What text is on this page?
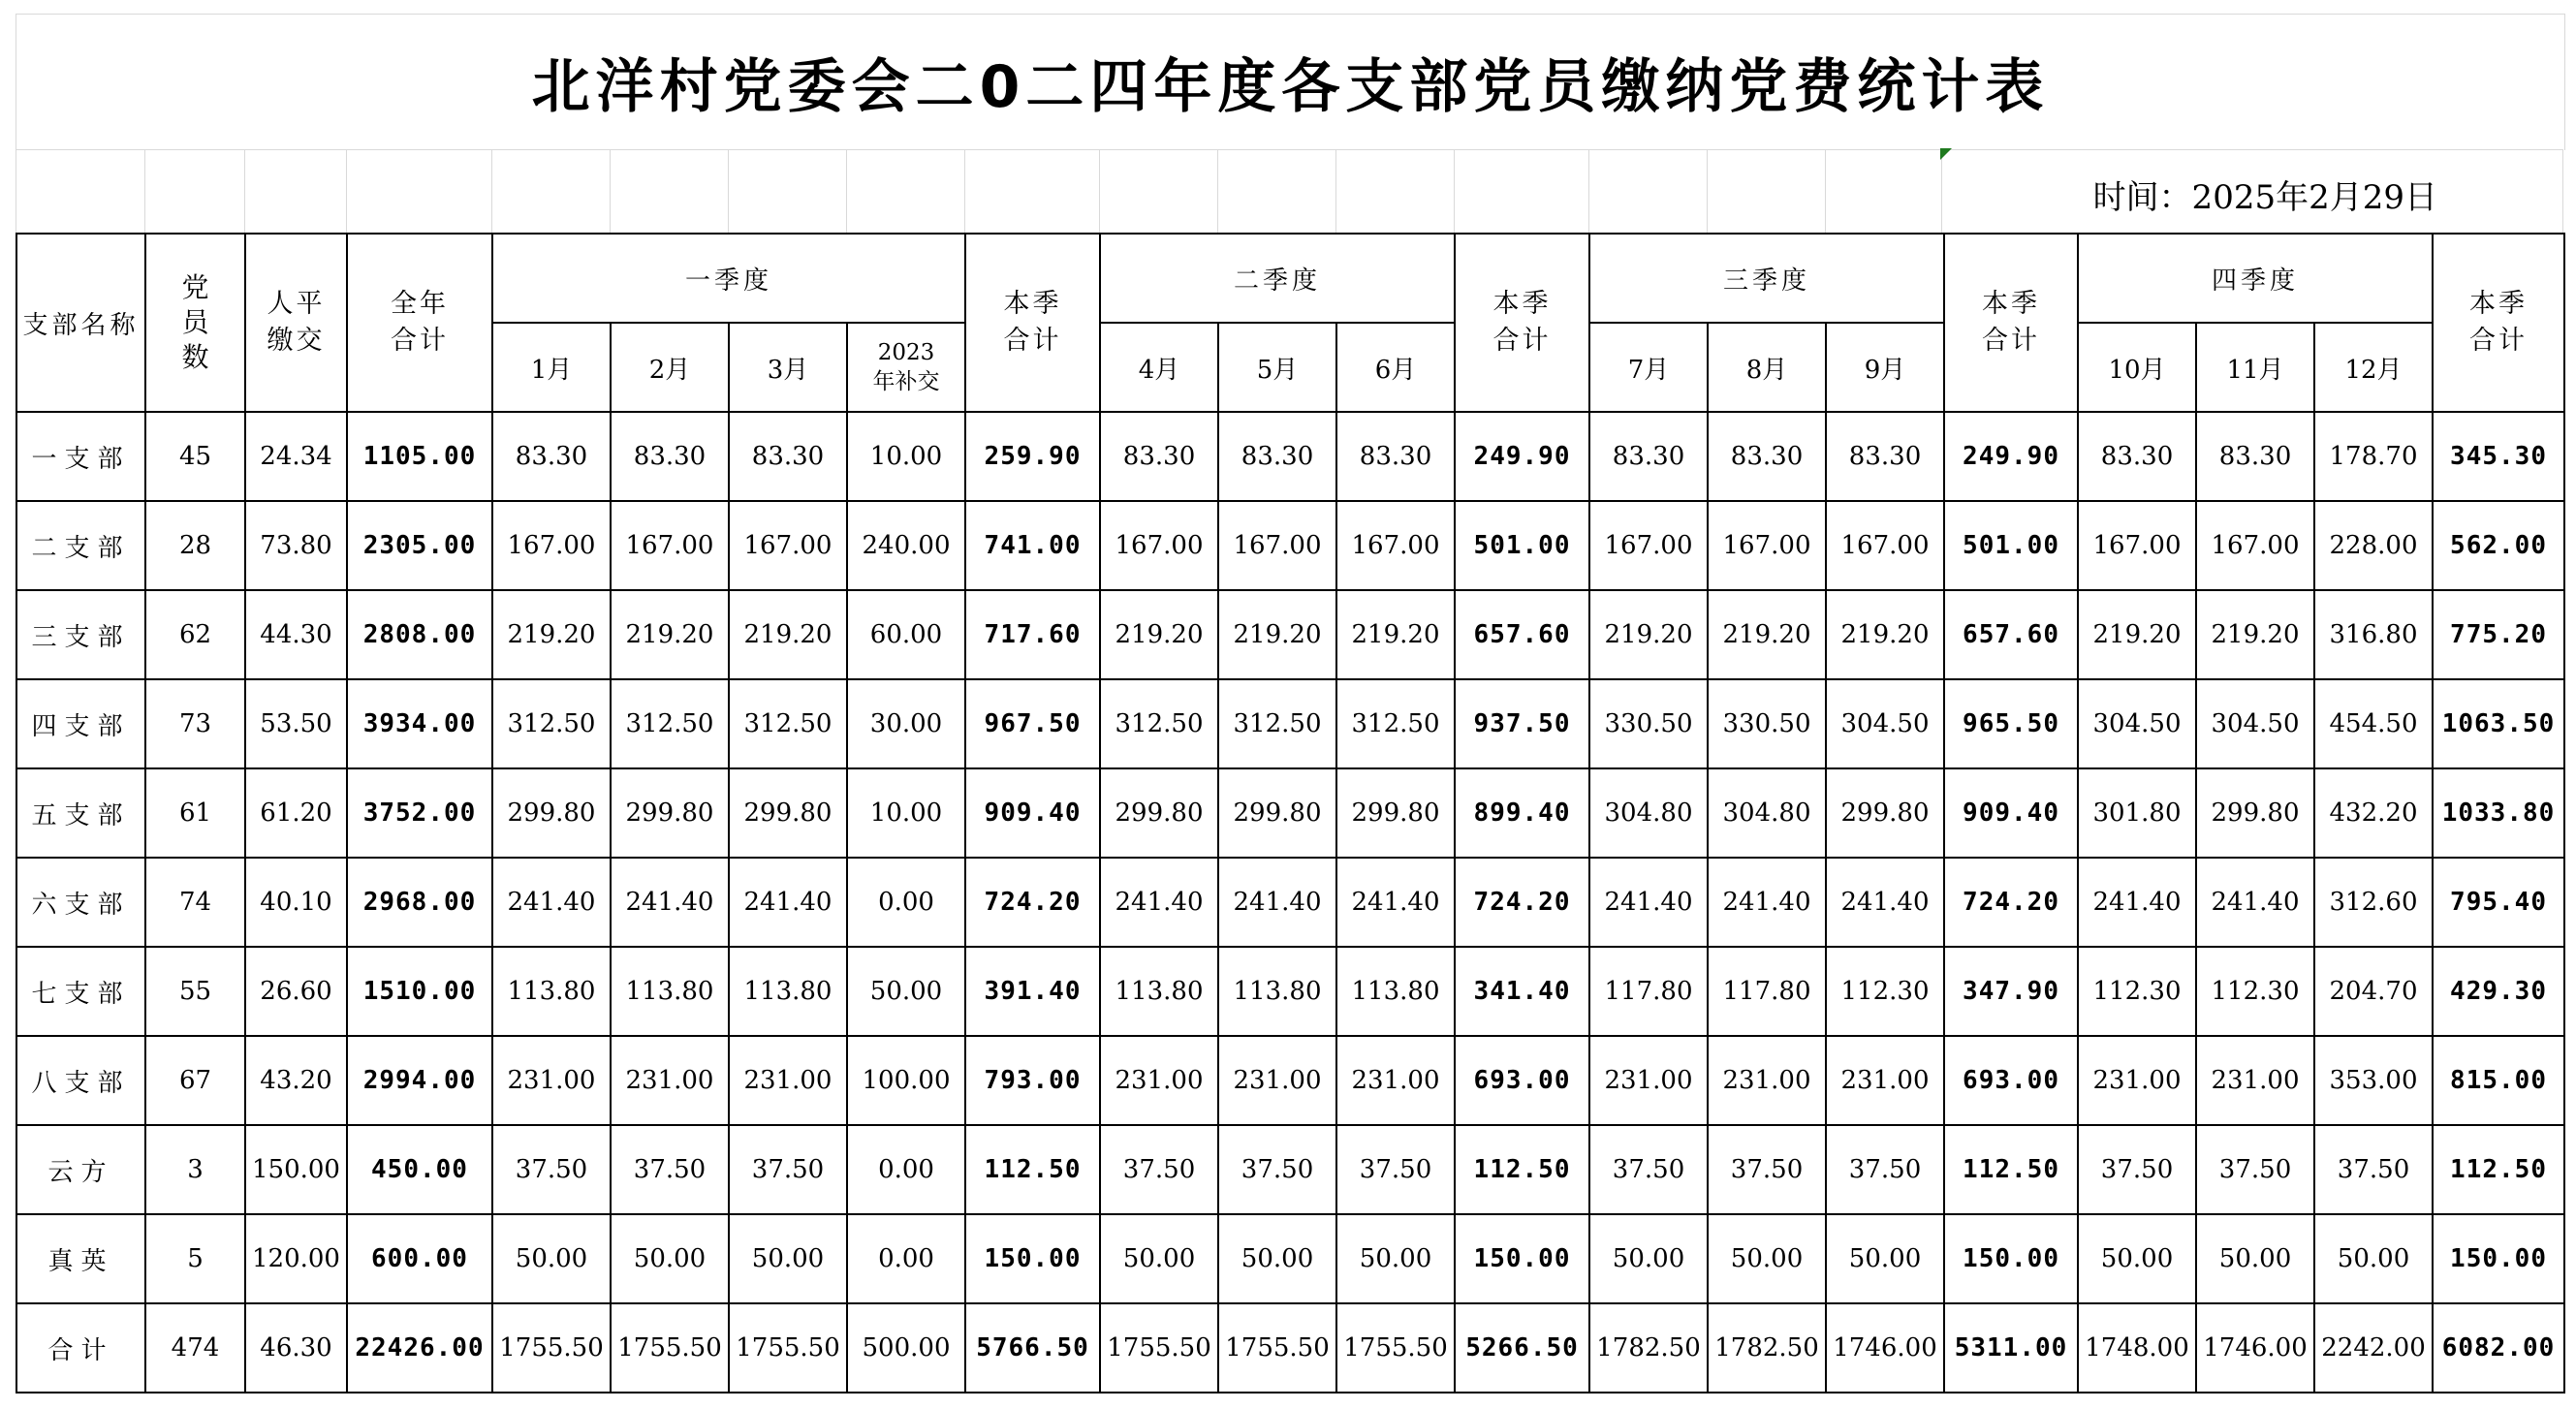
北洋村党委会二0二四年度各支部党员缴纳党费统计表
时间：2025年2月29日
支部名称	党员数	人平缴交	全年合计	一季度				本季合计	二季度			本季合计	三季度			本季合计	四季度			本季合计

				1月	2月	3月	2023年补交		4月	5月	6月		7月	8月	9月		10月	11月	12月	
一支部	45	24.34	1105.00	83.30	83.30	83.30	10.00	259.90	83.30	83.30	83.30	249.90	83.30	83.30	83.30	249.90	83.30	83.30	178.70	345.30
二支部	28	73.80	2305.00	167.00	167.00	167.00	240.00	741.00	167.00	167.00	167.00	501.00	167.00	167.00	167.00	501.00	167.00	167.00	228.00	562.00
三支部	62	44.30	2808.00	219.20	219.20	219.20	60.00	717.60	219.20	219.20	219.20	657.60	219.20	219.20	219.20	657.60	219.20	219.20	316.80	775.20
四支部	73	53.50	3934.00	312.50	312.50	312.50	30.00	967.50	312.50	312.50	312.50	937.50	330.50	330.50	304.50	965.50	304.50	304.50	454.50	1063.50
五支部	61	61.20	3752.00	299.80	299.80	299.80	10.00	909.40	299.80	299.80	299.80	899.40	304.80	304.80	299.80	909.40	301.80	299.80	432.20	1033.80
六支部	74	40.10	2968.00	241.40	241.40	241.40	0.00	724.20	241.40	241.40	241.40	724.20	241.40	241.40	241.40	724.20	241.40	241.40	312.60	795.40
七支部	55	26.60	1510.00	113.80	113.80	113.80	50.00	391.40	113.80	113.80	113.80	341.40	117.80	117.80	112.30	347.90	112.30	112.30	204.70	429.30
八支部	67	43.20	2994.00	231.00	231.00	231.00	100.00	793.00	231.00	231.00	231.00	693.00	231.00	231.00	231.00	693.00	231.00	231.00	353.00	815.00
云方	3	150.00	450.00	37.50	37.50	37.50	0.00	112.50	37.50	37.50	37.50	112.50	37.50	37.50	37.50	112.50	37.50	37.50	37.50	112.50
真英	5	120.00	600.00	50.00	50.00	50.00	0.00	150.00	50.00	50.00	50.00	150.00	50.00	50.00	50.00	150.00	50.00	50.00	50.00	150.00
合计	474	46.30	22426.00	1755.50	1755.50	1755.50	500.00	5766.50	1755.50	1755.50	1755.50	5266.50	1782.50	1782.50	1746.00	5311.00	1748.00	1746.00	2242.00	6082.00
